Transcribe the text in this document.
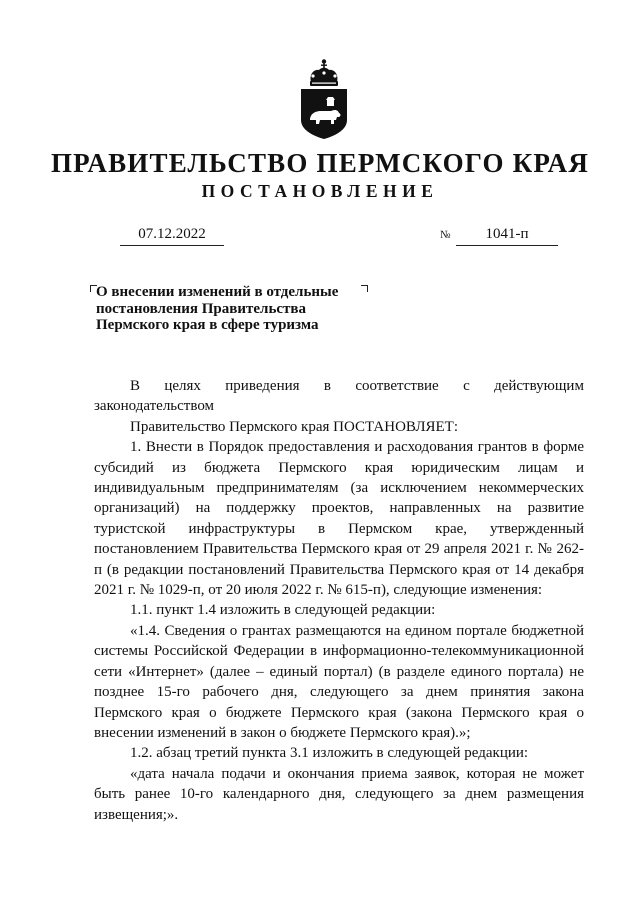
ПРАВИТЕЛЬСТВО ПЕРМСКОГО КРАЯ
ПОСТАНОВЛЕНИЕ
07.12.2022	№ 1041-п
О внесении изменений в отдельные
постановления Правительства
Пермского края в сфере туризма
В целях приведения в соответствие с действующим
законодательством

Правительство Пермского края ПОСТАНОВЛЯЕТ:

1. Внести в Порядок предоставления и расходования грантов в форме субсидий из бюджета Пермского края юридическим лицам и индивидуальным предпринимателям (за исключением некоммерческих организаций) на поддержку проектов, направленных на развитие туристской инфраструктуры в Пермском крае, утвержденный постановлением Правительства Пермского края от 29 апреля 2021 г. № 262-п (в редакции постановлений Правительства Пермского края от 14 декабря 2021 г. № 1029-п, от 20 июля 2022 г. № 615-п), следующие изменения:

1.1. пункт 1.4 изложить в следующей редакции:

«1.4. Сведения о грантах размещаются на едином портале бюджетной системы Российской Федерации в информационно-телекоммуникационной сети «Интернет» (далее – единый портал) (в разделе единого портала) не позднее 15-го рабочего дня, следующего за днем принятия закона Пермского края о бюджете Пермского края (закона Пермского края о внесении изменений в закон о бюджете Пермского края).»;

1.2. абзац третий пункта 3.1 изложить в следующей редакции:

«дата начала подачи и окончания приема заявок, которая не может быть ранее 10-го календарного дня, следующего за днем размещения извещения;».
